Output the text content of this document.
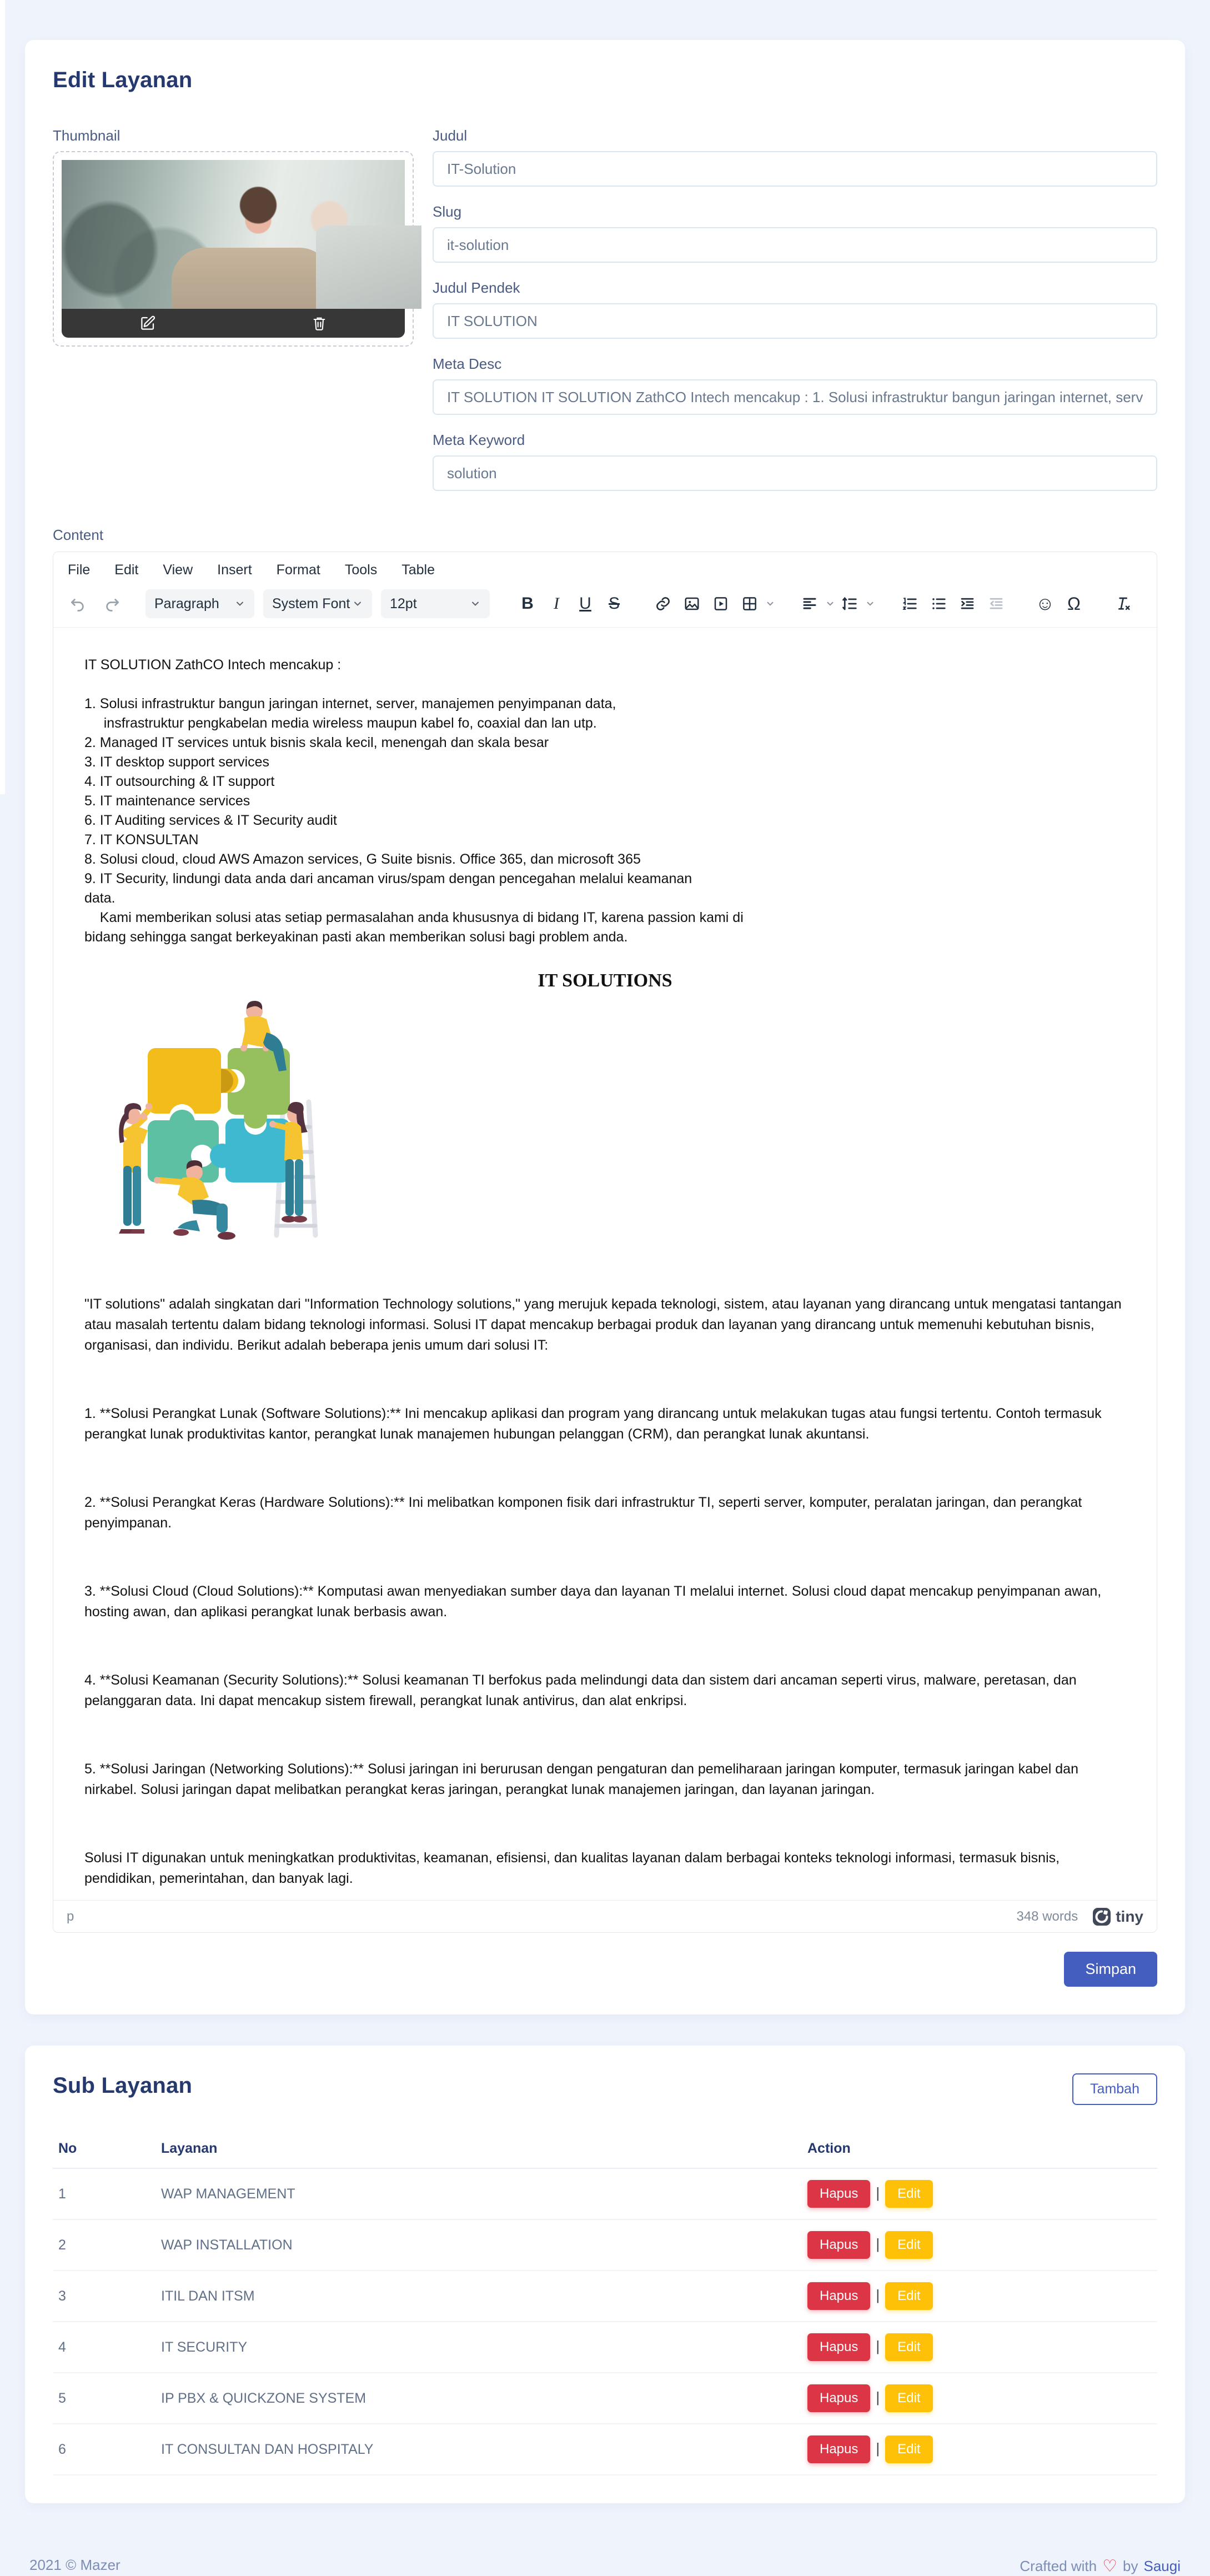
Edit Layanan
Thumbnail	Judul
IT-Solution
Slug
it-solution
Judul Pendek
IT SOLUTION
Meta Desc
IT SOLUTION IT SOLUTION ZathCO Intech mencakup : 1. Solusi infrastruktur bangun jaringan internet, server, manajemen pe
Meta Keyword
solution
Content
File Edit View Insert Format Tools Table
Paragraph	System Font	12pt	B	I	U	S	☺ Ω
IT SOLUTION ZathCO Intech mencakup :
1. Solusi infrastruktur bangun jaringan internet, server, manajemen penyimpanan data,
insfrastruktur pengkabelan media wireless maupun kabel fo, coaxial dan lan utp.
2. Managed IT services untuk bisnis skala kecil, menengah dan skala besar
3. IT desktop support services
4. IT outsourching & IT support
5. IT maintenance services
6. IT Auditing services & IT Security audit
7. IT KONSULTAN
8. Solusi cloud, cloud AWS Amazon services, G Suite bisnis. Office 365, dan microsoft 365
9. IT Security, lindungi data anda dari ancaman virus/spam dengan pencegahan melalui keamanan
data.
Kami memberikan solusi atas setiap permasalahan anda khususnya di bidang IT, karena passion kami di
bidang sehingga sangat berkeyakinan pasti akan memberikan solusi bagi problem anda.
IT SOLUTIONS

"IT solutions" adalah singkatan dari "Information Technology solutions," yang merujuk kepada teknologi, sistem, atau layanan yang dirancang untuk mengatasi tantangan atau masalah tertentu dalam bidang teknologi informasi. Solusi IT dapat mencakup berbagai produk dan layanan yang dirancang untuk memenuhi kebutuhan bisnis, organisasi, dan individu. Berikut adalah beberapa jenis umum dari solusi IT:

1. **Solusi Perangkat Lunak (Software Solutions):** Ini mencakup aplikasi dan program yang dirancang untuk melakukan tugas atau fungsi tertentu. Contoh termasuk perangkat lunak produktivitas kantor, perangkat lunak manajemen hubungan pelanggan (CRM), dan perangkat lunak akuntansi.

2. **Solusi Perangkat Keras (Hardware Solutions):** Ini melibatkan komponen fisik dari infrastruktur TI, seperti server, komputer, peralatan jaringan, dan perangkat penyimpanan.

3. **Solusi Cloud (Cloud Solutions):** Komputasi awan menyediakan sumber daya dan layanan TI melalui internet. Solusi cloud dapat mencakup penyimpanan awan, hosting awan, dan aplikasi perangkat lunak berbasis awan.

4. **Solusi Keamanan (Security Solutions):** Solusi keamanan TI berfokus pada melindungi data dan sistem dari ancaman seperti virus, malware, peretasan, dan pelanggaran data. Ini dapat mencakup sistem firewall, perangkat lunak antivirus, dan alat enkripsi.

5. **Solusi Jaringan (Networking Solutions):** Solusi jaringan ini berurusan dengan pengaturan dan pemeliharaan jaringan komputer, termasuk jaringan kabel dan nirkabel. Solusi jaringan dapat melibatkan perangkat keras jaringan, perangkat lunak manajemen jaringan, dan layanan jaringan.

Solusi IT digunakan untuk meningkatkan produktivitas, keamanan, efisiensi, dan kualitas layanan dalam berbagai konteks teknologi informasi, termasuk bisnis, pendidikan, pemerintahan, dan banyak lagi.

p	348 words tiny
Simpan
Sub Layanan	Tambah
No	Layanan	Action
1	WAP MANAGEMENT	Hapus | Edit
2	WAP INSTALLATION	Hapus | Edit
3	ITIL DAN ITSM	Hapus | Edit
4	IT SECURITY	Hapus | Edit
5	IP PBX & QUICKZONE SYSTEM	Hapus | Edit
6	IT CONSULTAN DAN HOSPITALY	Hapus | Edit
2021 © Mazer	Crafted with ♡ by Saugi
